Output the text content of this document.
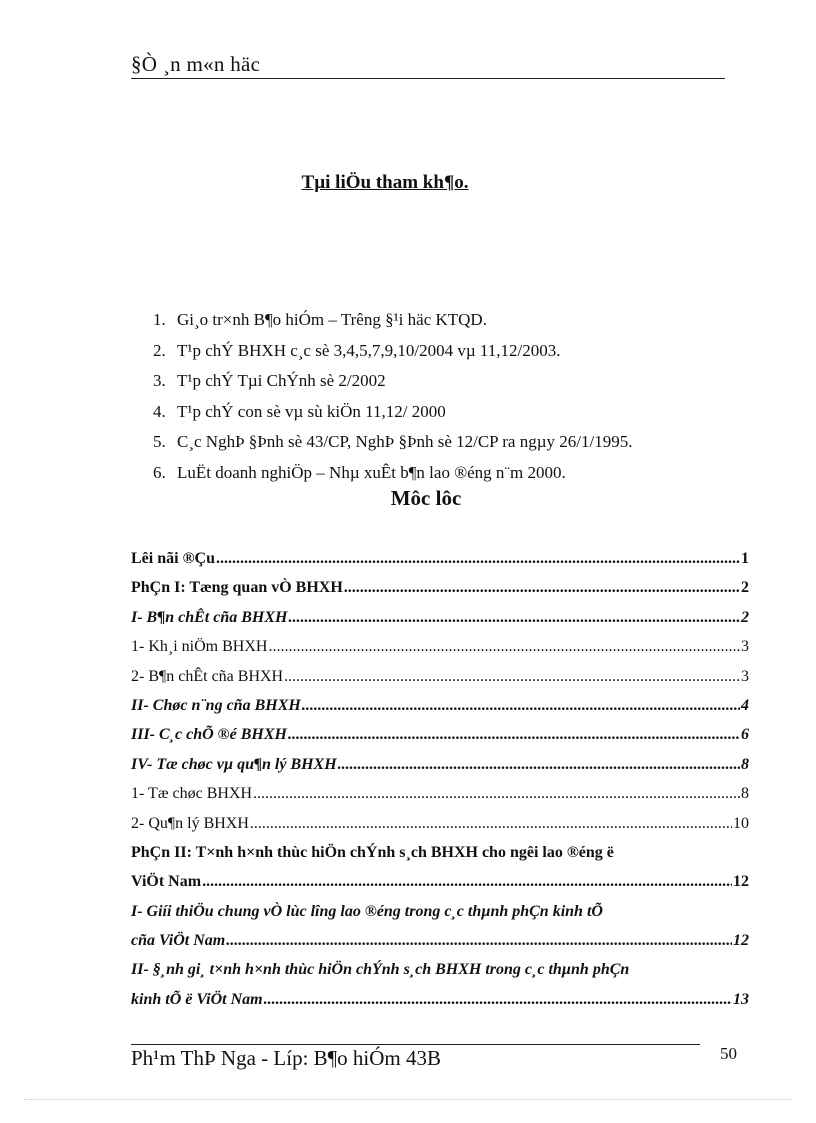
§Ò ¸n m«n häc
Tµi liÖu tham kh¶o.
1. Gi¸o tr×nh B¶o hiÓm – Trêng §¹i häc KTQD.
2. T¹p chÝ BHXH c¸c sè 3,4,5,7,9,10/2004 vµ 11,12/2003.
3. T¹p chÝ Tµi ChÝnh sè 2/2002
4. T¹p chÝ con sè vµ sù kiÖn 11,12/ 2000
5. C¸c NghÞ §Þnh sè 43/CP, NghÞ §Þnh sè 12/CP ra ngµy 26/1/1995.
6. LuËt doanh nghiÖp – Nhµ xuÊt b¶n lao ®éng n¨m 2000.
Môc lôc
Lêi nãi ®Çu .....	1
PhÇn I: Tæng quan vÒ BHXH .....	2
I- B¶n chÊt cña BHXH .....	2
1- Kh¸i niÖm BHXH .....	3
2- B¶n chÊt cña BHXH .....	3
II- Chøc n¨ng cña BHXH .....	4
III- C¸c chÕ ®é BHXH .....	6
IV- Tæ chøc vµ qu¶n lý BHXH .....	8
1- Tæ chøc BHXH .....	8
2- Qu¶n lý BHXH .....	10
PhÇn II: T×nh h×nh thùc hiÖn chÝnh s¸ch BHXH cho ngêi lao ®éng ë
ViÖt Nam .....	12
I- Giíi thiÖu chung vÒ lùc lîng lao ®éng trong c¸c thµnh phÇn kinh tÕ
cña ViÖt Nam .....	12
II- §¸nh gi¸ t×nh h×nh thùc hiÖn chÝnh s¸ch BHXH trong c¸c thµnh phÇn
kinh tÕ ë ViÖt Nam .....	13
Ph¹m ThÞ Nga - Líp: B¶o hiÓm 43B	50
